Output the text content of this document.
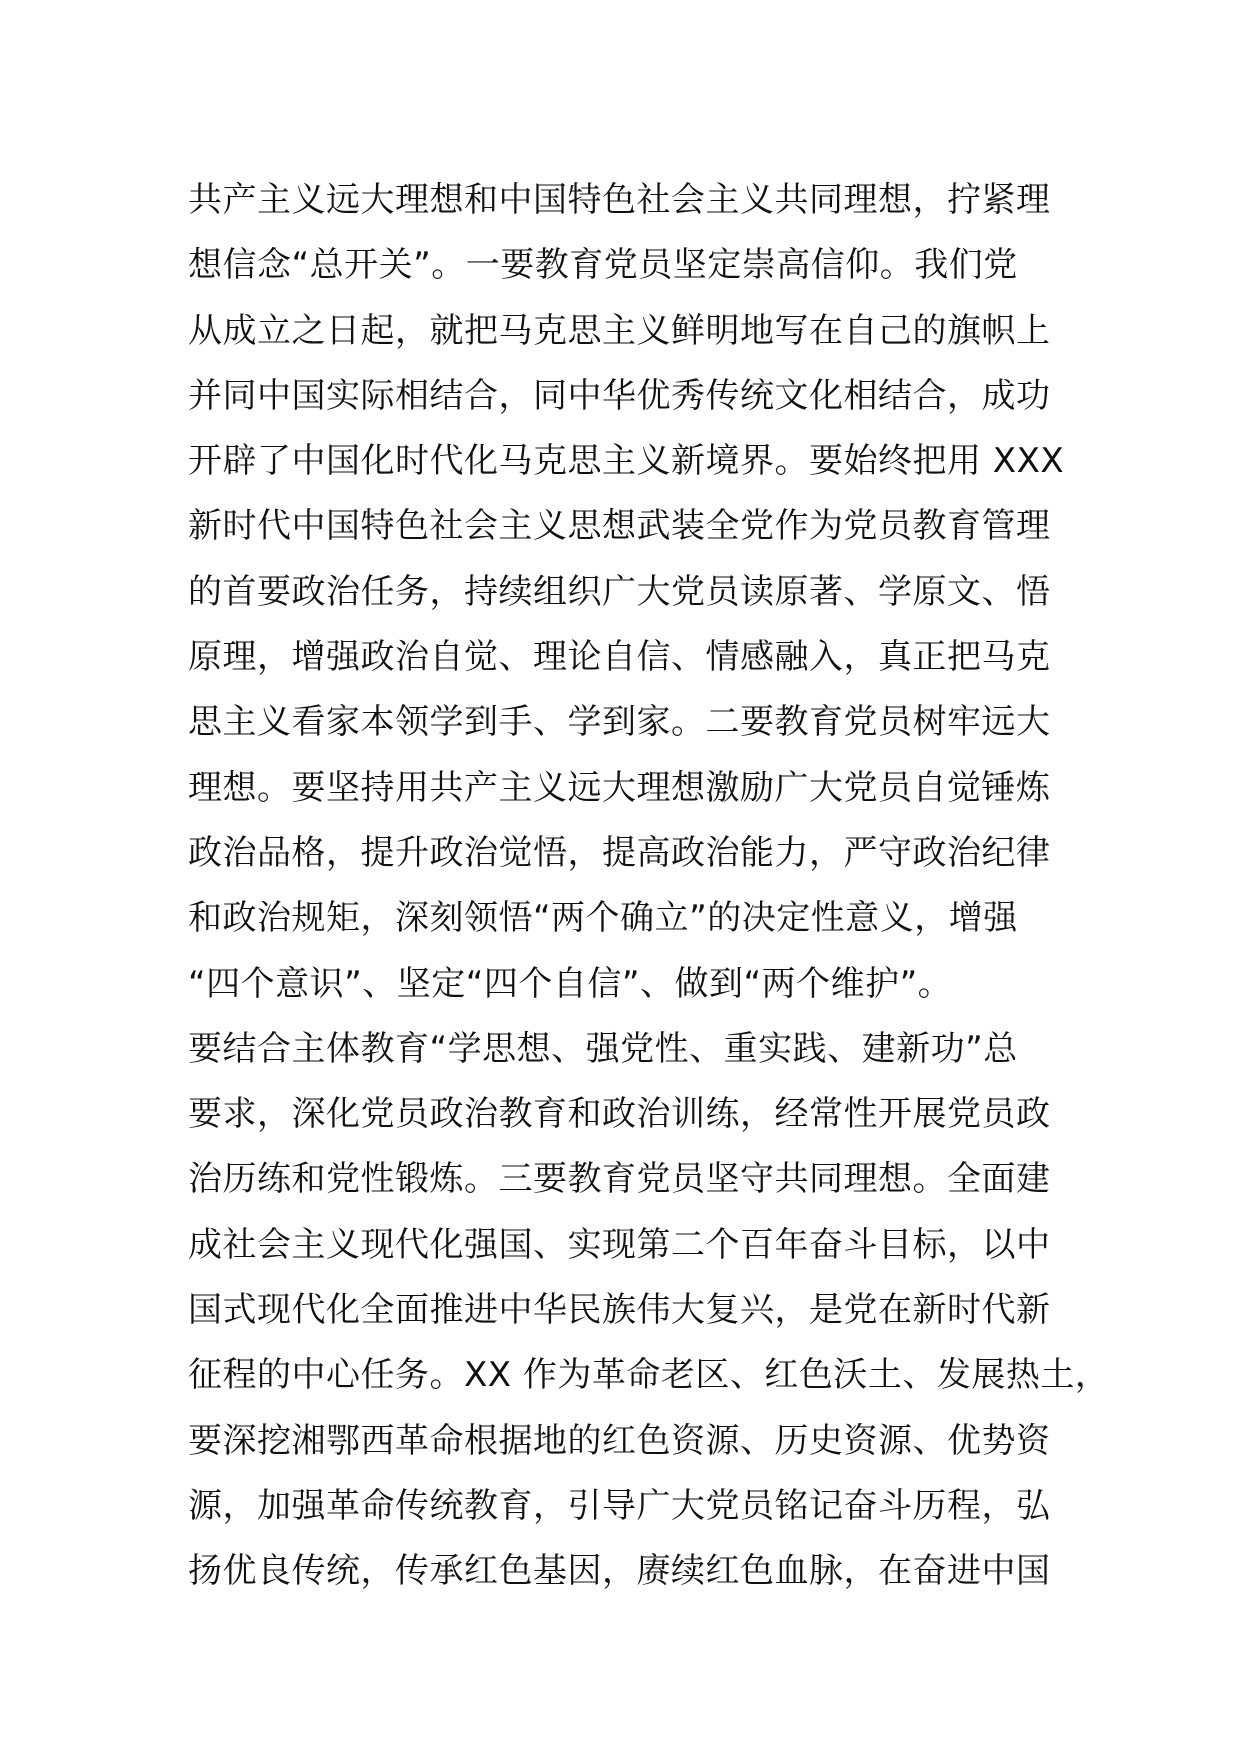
共产主义远大理想和中国特色社会主义共同理想，拧紧理
想信念“总开关”。一要教育党员坚定崇高信仰。我们党
从成立之日起，就把马克思主义鲜明地写在自己的旗帜上
并同中国实际相结合，同中华优秀传统文化相结合，成功
开辟了中国化时代化马克思主义新境界。要始终把用 XXX
新时代中国特色社会主义思想武装全党作为党员教育管理
的首要政治任务，持续组织广大党员读原著、学原文、悟
原理，增强政治自觉、理论自信、情感融入，真正把马克
思主义看家本领学到手、学到家。二要教育党员树牢远大
理想。要坚持用共产主义远大理想激励广大党员自觉锤炼
政治品格，提升政治觉悟，提高政治能力，严守政治纪律
和政治规矩，深刻领悟“两个确立”的决定性意义，增强
“四个意识”、坚定“四个自信”、做到“两个维护”。
要结合主体教育“学思想、强党性、重实践、建新功”总
要求，深化党员政治教育和政治训练，经常性开展党员政
治历练和党性锻炼。三要教育党员坚守共同理想。全面建
成社会主义现代化强国、实现第二个百年奋斗目标，以中
国式现代化全面推进中华民族伟大复兴，是党在新时代新
征程的中心任务。XX 作为革命老区、红色沃土、发展热土，
要深挖湘鄂西革命根据地的红色资源、历史资源、优势资
源，加强革命传统教育，引导广大党员铭记奋斗历程，弘
扬优良传统，传承红色基因，赓续红色血脉，在奋进中国
